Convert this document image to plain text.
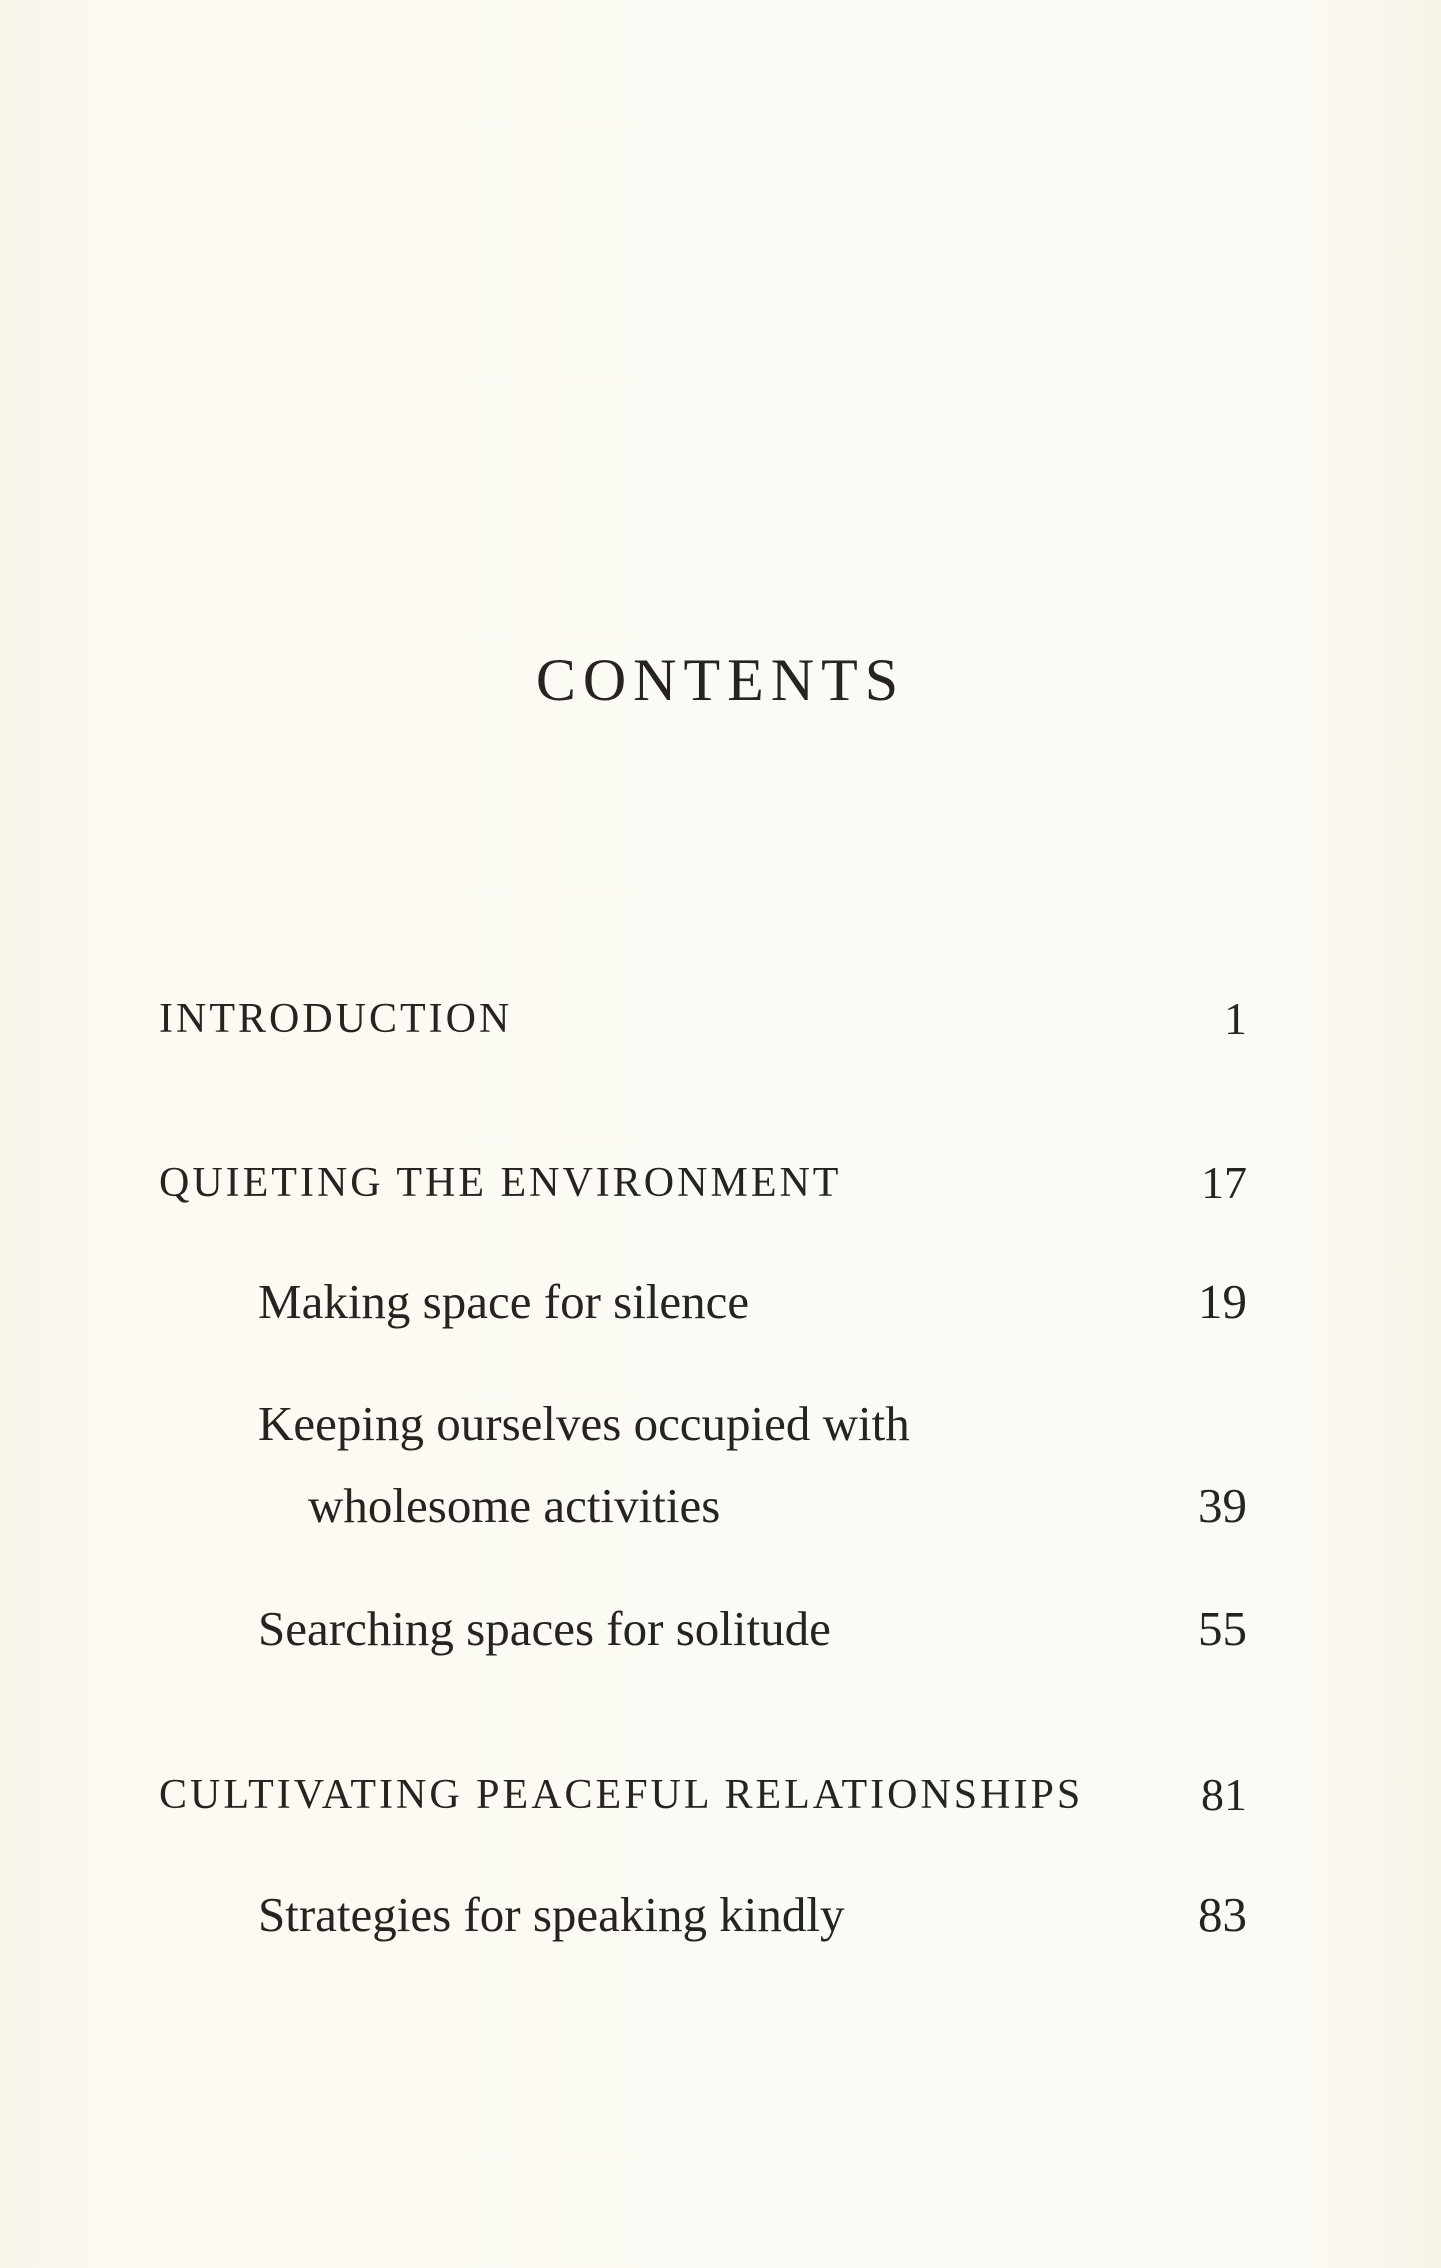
CONTENTS
INTRODUCTION	1
QUIETING THE ENVIRONMENT	17
Making space for silence	19
Keeping ourselves occupied with
wholesome activities	39
Searching spaces for solitude	55
CULTIVATING PEACEFUL RELATIONSHIPS	81
Strategies for speaking kindly	83
